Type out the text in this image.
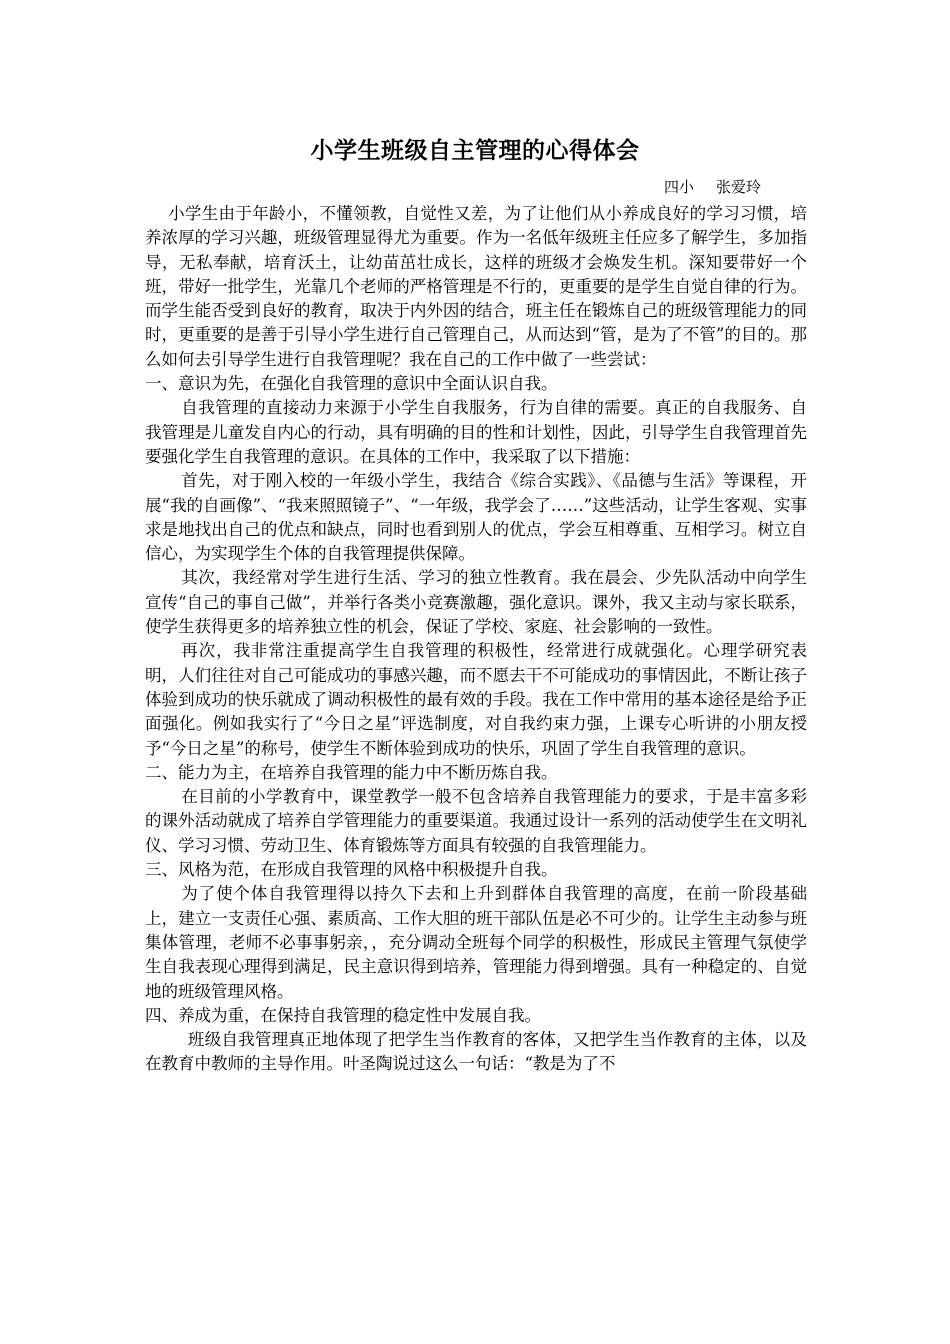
小学生班级自主管理的心得体会
四小 张爱玲

小学生由于年龄小，不懂领教，自觉性又差，为了让他们从小养成良好的学习习惯，培养浓厚的学习兴趣，班级管理显得尤为重要。作为一名低年级班主任应多了解学生，多加指导，无私奉献，培育沃土，让幼苗茁壮成长，这样的班级才会焕发生机。深知要带好一个班，带好一批学生，光靠几个老师的严格管理是不行的，更重要的是学生自觉自律的行为。而学生能否受到良好的教育，取决于内外因的结合，班主任在锻炼自己的班级管理能力的同时，更重要的是善于引导小学生进行自己管理自己，从而达到“管，是为了不管”的目的。那么如何去引导学生进行自我管理呢？我在自己的工作中做了一些尝试：

一、意识为先，在强化自我管理的意识中全面认识自我。

自我管理的直接动力来源于小学生自我服务，行为自律的需要。真正的自我服务、自我管理是儿童发自内心的行动，具有明确的目的性和计划性，因此，引导学生自我管理首先要强化学生自我管理的意识。在具体的工作中，我采取了以下措施：

首先，对于刚入校的一年级小学生，我结合《综合实践》、《品德与生活》等课程，开展“我的自画像”、“我来照照镜子”、“一年级，我学会了……”这些活动，让学生客观、实事求是地找出自己的优点和缺点，同时也看到别人的优点，学会互相尊重、互相学习。树立自信心，为实现学生个体的自我管理提供保障。

其次，我经常对学生进行生活、学习的独立性教育。我在晨会、少先队活动中向学生宣传“自己的事自己做”，并举行各类小竞赛激趣，强化意识。课外，我又主动与家长联系，使学生获得更多的培养独立性的机会，保证了学校、家庭、社会影响的一致性。

再次，我非常注重提高学生自我管理的积极性，经常进行成就强化。心理学研究表明，人们往往对自己可能成功的事感兴趣，而不愿去干不可能成功的事情因此，不断让孩子体验到成功的快乐就成了调动积极性的最有效的手段。我在工作中常用的基本途径是给予正面强化。例如我实行了“今日之星”评选制度，对自我约束力强，上课专心听讲的小朋友授予“今日之星”的称号，使学生不断体验到成功的快乐，巩固了学生自我管理的意识。

二、能力为主，在培养自我管理的能力中不断历炼自我。

在目前的小学教育中，课堂教学一般不包含培养自我管理能力的要求，于是丰富多彩的课外活动就成了培养自学管理能力的重要渠道。我通过设计一系列的活动使学生在文明礼仪、学习习惯、劳动卫生、体育锻炼等方面具有较强的自我管理能力。

三、风格为范，在形成自我管理的风格中积极提升自我。

为了使个体自我管理得以持久下去和上升到群体自我管理的高度，在前一阶段基础上，建立一支责任心强、素质高、工作大胆的班干部队伍是必不可少的。让学生主动参与班集体管理，老师不必事事躬亲，，充分调动全班每个同学的积极性，形成民主管理气氛使学生自我表现心理得到满足，民主意识得到培养，管理能力得到增强。具有一种稳定的、自觉地的班级管理风格。

四、养成为重，在保持自我管理的稳定性中发展自我。

班级自我管理真正地体现了把学生当作教育的客体，又把学生当作教育的主体，以及在教育中教师的主导作用。叶圣陶说过这么一句话：“教是为了不
